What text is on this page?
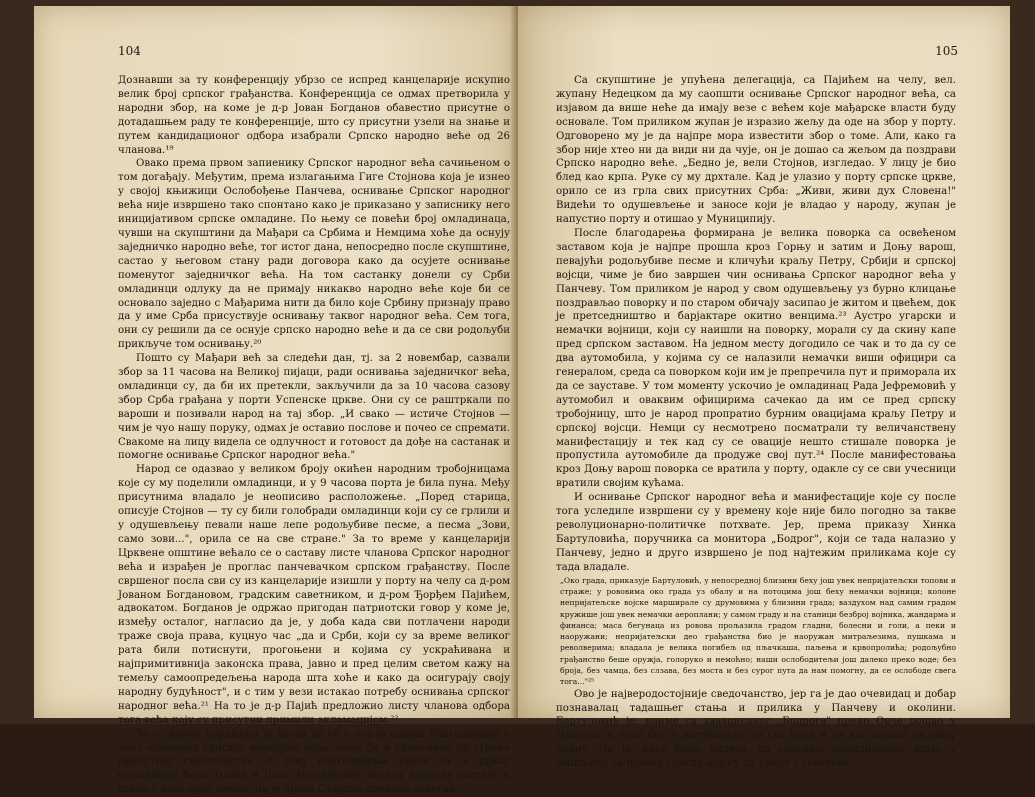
104

Дознавши за ту конференцију убрзо се испред канцеларије искупио велик број српског грађанства. Конференција се одмах претворила у народни збор, на коме је д-р Јован Богданов обавестио присутне о дотадашњем раду те конференције, што су присутни узели на знање и путем кандидационог одбора изабрали Српско народно веће од 26 чланова.¹⁹

Овако према првом запиенику Српског народног већа сачињеном о том догађају. Међутим, према излагањима Гиге Стојнова која је изнео у својој књижици Ослобођење Панчева, оснивање Српског народног већа није извршено тако спонтано како је приказано у записнику него иницијативом српске омладине. По њему се повећи број омладинаца, чувши на скупштини да Мађари са Србима и Немцима хоће да оснују заједничко народно веће, тог истог дана, непосредно после скупштине, састао у његовом стану ради договора како да осујете оснивање поменутог заједничког већа. На том састанку донели су Срби омладинци одлуку да не примају никакво народно веће које би се основало заједно с Мађарима нити да било које Србину признају право да у име Срба присуствује оснивању таквог народног већа. Сем тога, они су решили да се оснује српско народно веће и да се сви родољуби прикључе том оснивању.²⁰

Пошто су Мађари већ за следећи дан, тј. за 2 новембар, сазвали збор за 11 часова на Великој пијаци, ради оснивања заједничког већа, омладинци су, да би их претекли, закључили да за 10 часова сазову збор Срба грађана у порти Успенске цркве. Они су се раштркали по вароши и позивали народ на тај збор. „И свако — истиче Стојнов — чим је чуо нашу поруку, одмах је оставио послове и почео се спремати. Свакоме на лицу видела се одлучност и готовост да дође на састанак и помогне оснивање Српског народног већа."

Народ се одазвао у великом броју окићен народним тробојницама које су му поделили омладинци, и у 9 часова порта је била пуна. Међу присутнима владало је неописиво расположење. „Поред старица, описује Стојнов — ту су били голобради омладинци који су се грлили и у одушевљењу певали наше лепе родољубиве песме, а песма „Зови, само зови...", орила се на све стране." За то време у канцеларији Црквене општине већало се о саставу листе чланова Српског народног већа и израђен је проглас панчевачком српском грађанству. После свршеног посла сви су из канцеларије изишли у порту на челу са д-ром Јованом Богдановом, градским саветником, и д-ром Ђорђем Пајићем, адвокатом. Богданов је одржао пригодан патриотски говор у коме је, између осталог, нагласио да је, у доба када сви потлачени народи траже своја права, куцнуо час „да и Срби, који су за време великог рата били потиснути, прогоњени и којима су ускраћивана и најпримитивнија законска права, јавно и пред целим светом кажу на темељу самоопредељења народа шта хоће и како да осигурају своју народну будућност", и с тим у вези истакао потребу оснивања српског народног већа.²¹ На то је д-р Пајић предложио листу чланова одбора тога већа коју су присутни примили акламацијом.²²

За то време изражена је жеља да се у порти одржи благодарење у част оснивања српског народног већа, чему би и удовољено од стране присутног свештенства. У току благодарења унели су у цркву омладинци Бора Томић и Лаза Антонијевић велику народну заставу и стали с њом пред амвон, па је прота Стојшић свечано осветио.

105

Са скупштине је упућена делегација, са Пајићем на челу, вел. жупану Недецком да му саопшти оснивање Српског народног већа, са изјавом да више неће да имају везе с већем које мађарске власти буду основале. Том приликом жупан је изразио жељу да оде на збор у порту. Одговорено му је да најпре мора известити збор о томе. Али, како га збор није хтео ни да види ни да чује, он је дошао са жељом да поздрави Српско народно веће. „Бедно је, вели Стојнов, изгледао. У лицу је био блед као крпа. Руке су му дрхтале. Кад је улазио у порту српске цркве, орило се из грла свих присутних Срба: „Живи, живи дух Словена!" Видећи то одушевљење и заносе који је владао у народу, жупан је напустио порту и отишао у Муниципију.

После благодарења формирана је велика поворка са освећеном заставом која је најпре прошла кроз Горњу и затим и Доњу варош, певајући родољубиве песме и кличући краљу Петру, Србији и српској војсци, чиме је био завршен чин оснивања Српског народног већа у Панчеву. Том приликом је народ у свом одушевљењу уз бурно клицање поздрављао поворку и по старом обичају засипао је житом и цвећем, док је претседништво и барјактаре окитио венцима.²³ Аустро угарски и немачки војници, који су наишли на поворку, морали су да скину капе пред српском заставом. На једном месту догодило се чак и то да су се два аутомобила, у којима су се налазили немачки виши официри са генералом, среда са поворком који им је препречила пут и приморала их да се зауставе. У том моменту ускочио је омладинац Рада Јефремовић у аутомобил и оваквим официрима сачекао да им се пред српску тробојницу, што је народ пропратио бурним овацијама краљу Петру и српској војсци. Немци су несмотрено посматрали ту величанствену манифестацију и тек кад су се овације нешто стишале поворка је пропустила аутомобиле да продуже свој пут.²⁴ После манифестовања кроз Доњу варош поворка се вратила у порту, одакле су се сви учесници вратили својим кућама.

И оснивање Српског народног већа и манифестације које су после тога уследиле извршени су у времену које није било погодно за такве револуционарно-политичке потхвате. Јер, према приказу Хинка Бартуловића, поручника са монитора „Бодрог", који се тада налазио у Панчеву, једно и друго извршено је под најтежим приликама које су тада владале.

„Око града, приказује Бартуловић, у непосредној близини беху још увек непријатељски топови и страже; у рововима око града уз обалу и на потоцима још беху немачки војници; колоне непријатељске војске марширале су друмовима у близини града; ваздухом над самим градом кружише још увек немачки аероплани; у самом граду и на станици безброј војника, жандарма и финанса; маса бегунаца из ровова прољазила градом гладни, болесни и голи, а пеки и наоружани; непријатељски део грађанства био је наоружан митраљезима, пушкама и револверима; владала је велика погибељ од пљачкаша, паљења и крвопролића; родољубно грађанство беше оружја, голоруко и немоћно; наши ослободитељи још далеко преко воде; без броја, без чамца, без слзава, без моста и без сурог пута да нам помогну, да се ослободе свега тога..."²⁵

Ово је најверодостојније сведочанство, јер га је дао очевидац и добар познавалац тадашњег стања и прилика у Панчеву и околини. Бартуловић је, наиме са хаварисаног „Бодрога" преко Овче дошао у Панчево и тако био у могућности да све види и да као војник да своју оцену. Он је, како ћемо видети, са српским омладинцима ишао у Вишњицу да позову српску војску да пређе у Панчево.
